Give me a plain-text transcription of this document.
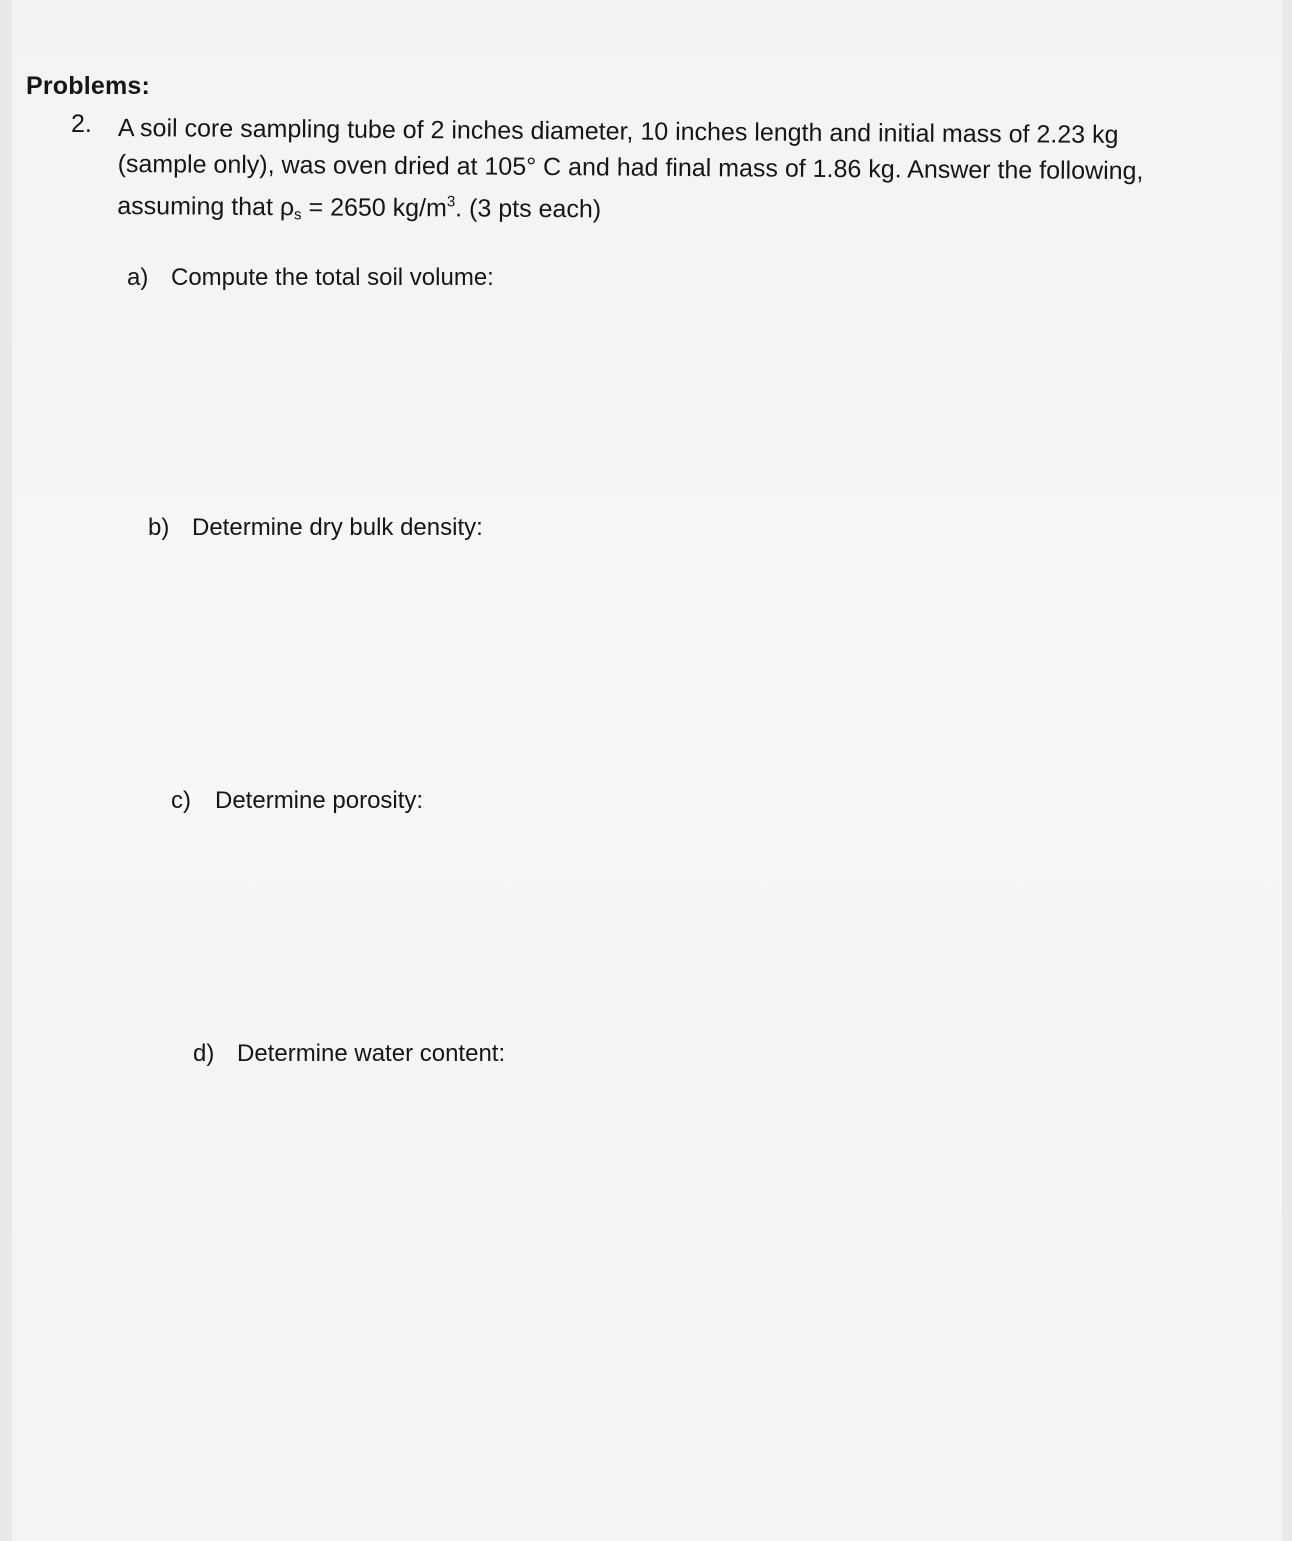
Problems:
2. A soil core sampling tube of 2 inches diameter, 10 inches length and initial mass of 2.23 kg
(sample only), was oven dried at 105° C and had final mass of 1.86 kg. Answer the following,
assuming that ρs = 2650 $kg/m^3$. (3 pts each)
a) Compute the total soil volume:
b) Determine dry bulk density:
c) Determine porosity:
d) Determine water content:
